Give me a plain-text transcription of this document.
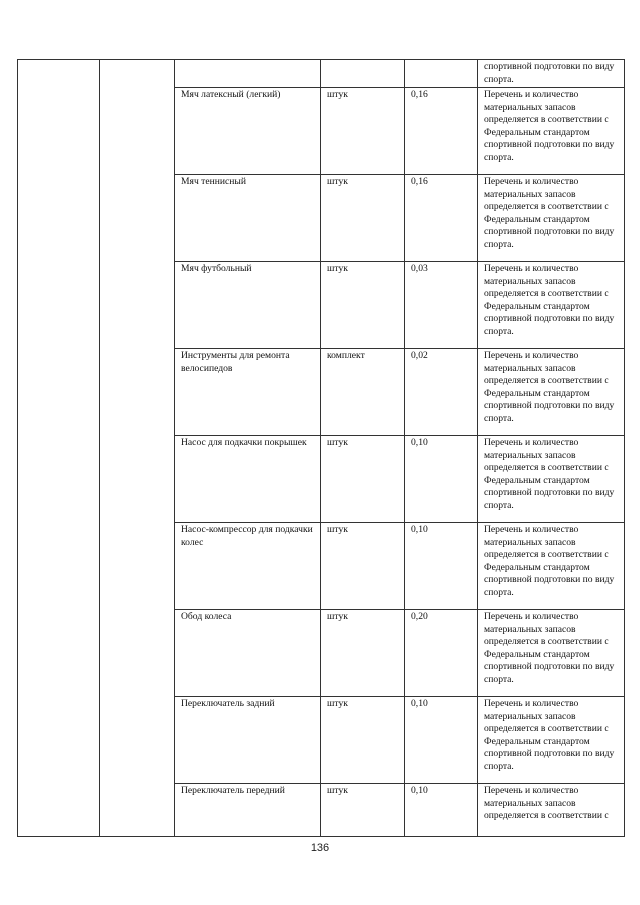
					спортивной подготовки по виду спорта.
		Мяч латексный (легкий)	штук	0,16	Перечень и количество материальных запасов определяется в соответствии с Федеральным стандартом спортивной подготовки по виду спорта.
		Мяч теннисный	штук	0,16	Перечень и количество материальных запасов определяется в соответствии с Федеральным стандартом спортивной подготовки по виду спорта.
		Мяч футбольный	штук	0,03	Перечень и количество материальных запасов определяется в соответствии с Федеральным стандартом спортивной подготовки по виду спорта.
		Инструменты для ремонта велосипедов	комплект	0,02	Перечень и количество материальных запасов определяется в соответствии с Федеральным стандартом спортивной подготовки по виду спорта.
		Насос для подкачки покрышек	штук	0,10	Перечень и количество материальных запасов определяется в соответствии с Федеральным стандартом спортивной подготовки по виду спорта.
		Насос-компрессор для подкачки колес	штук	0,10	Перечень и количество материальных запасов определяется в соответствии с Федеральным стандартом спортивной подготовки по виду спорта.
		Обод колеса	штук	0,20	Перечень и количество материальных запасов определяется в соответствии с Федеральным стандартом спортивной подготовки по виду спорта.
		Переключатель задний	штук	0,10	Перечень и количество материальных запасов определяется в соответствии с Федеральным стандартом спортивной подготовки по виду спорта.
		Переключатель передний	штук	0,10	Перечень и количество материальных запасов определяется в соответствии с
136
